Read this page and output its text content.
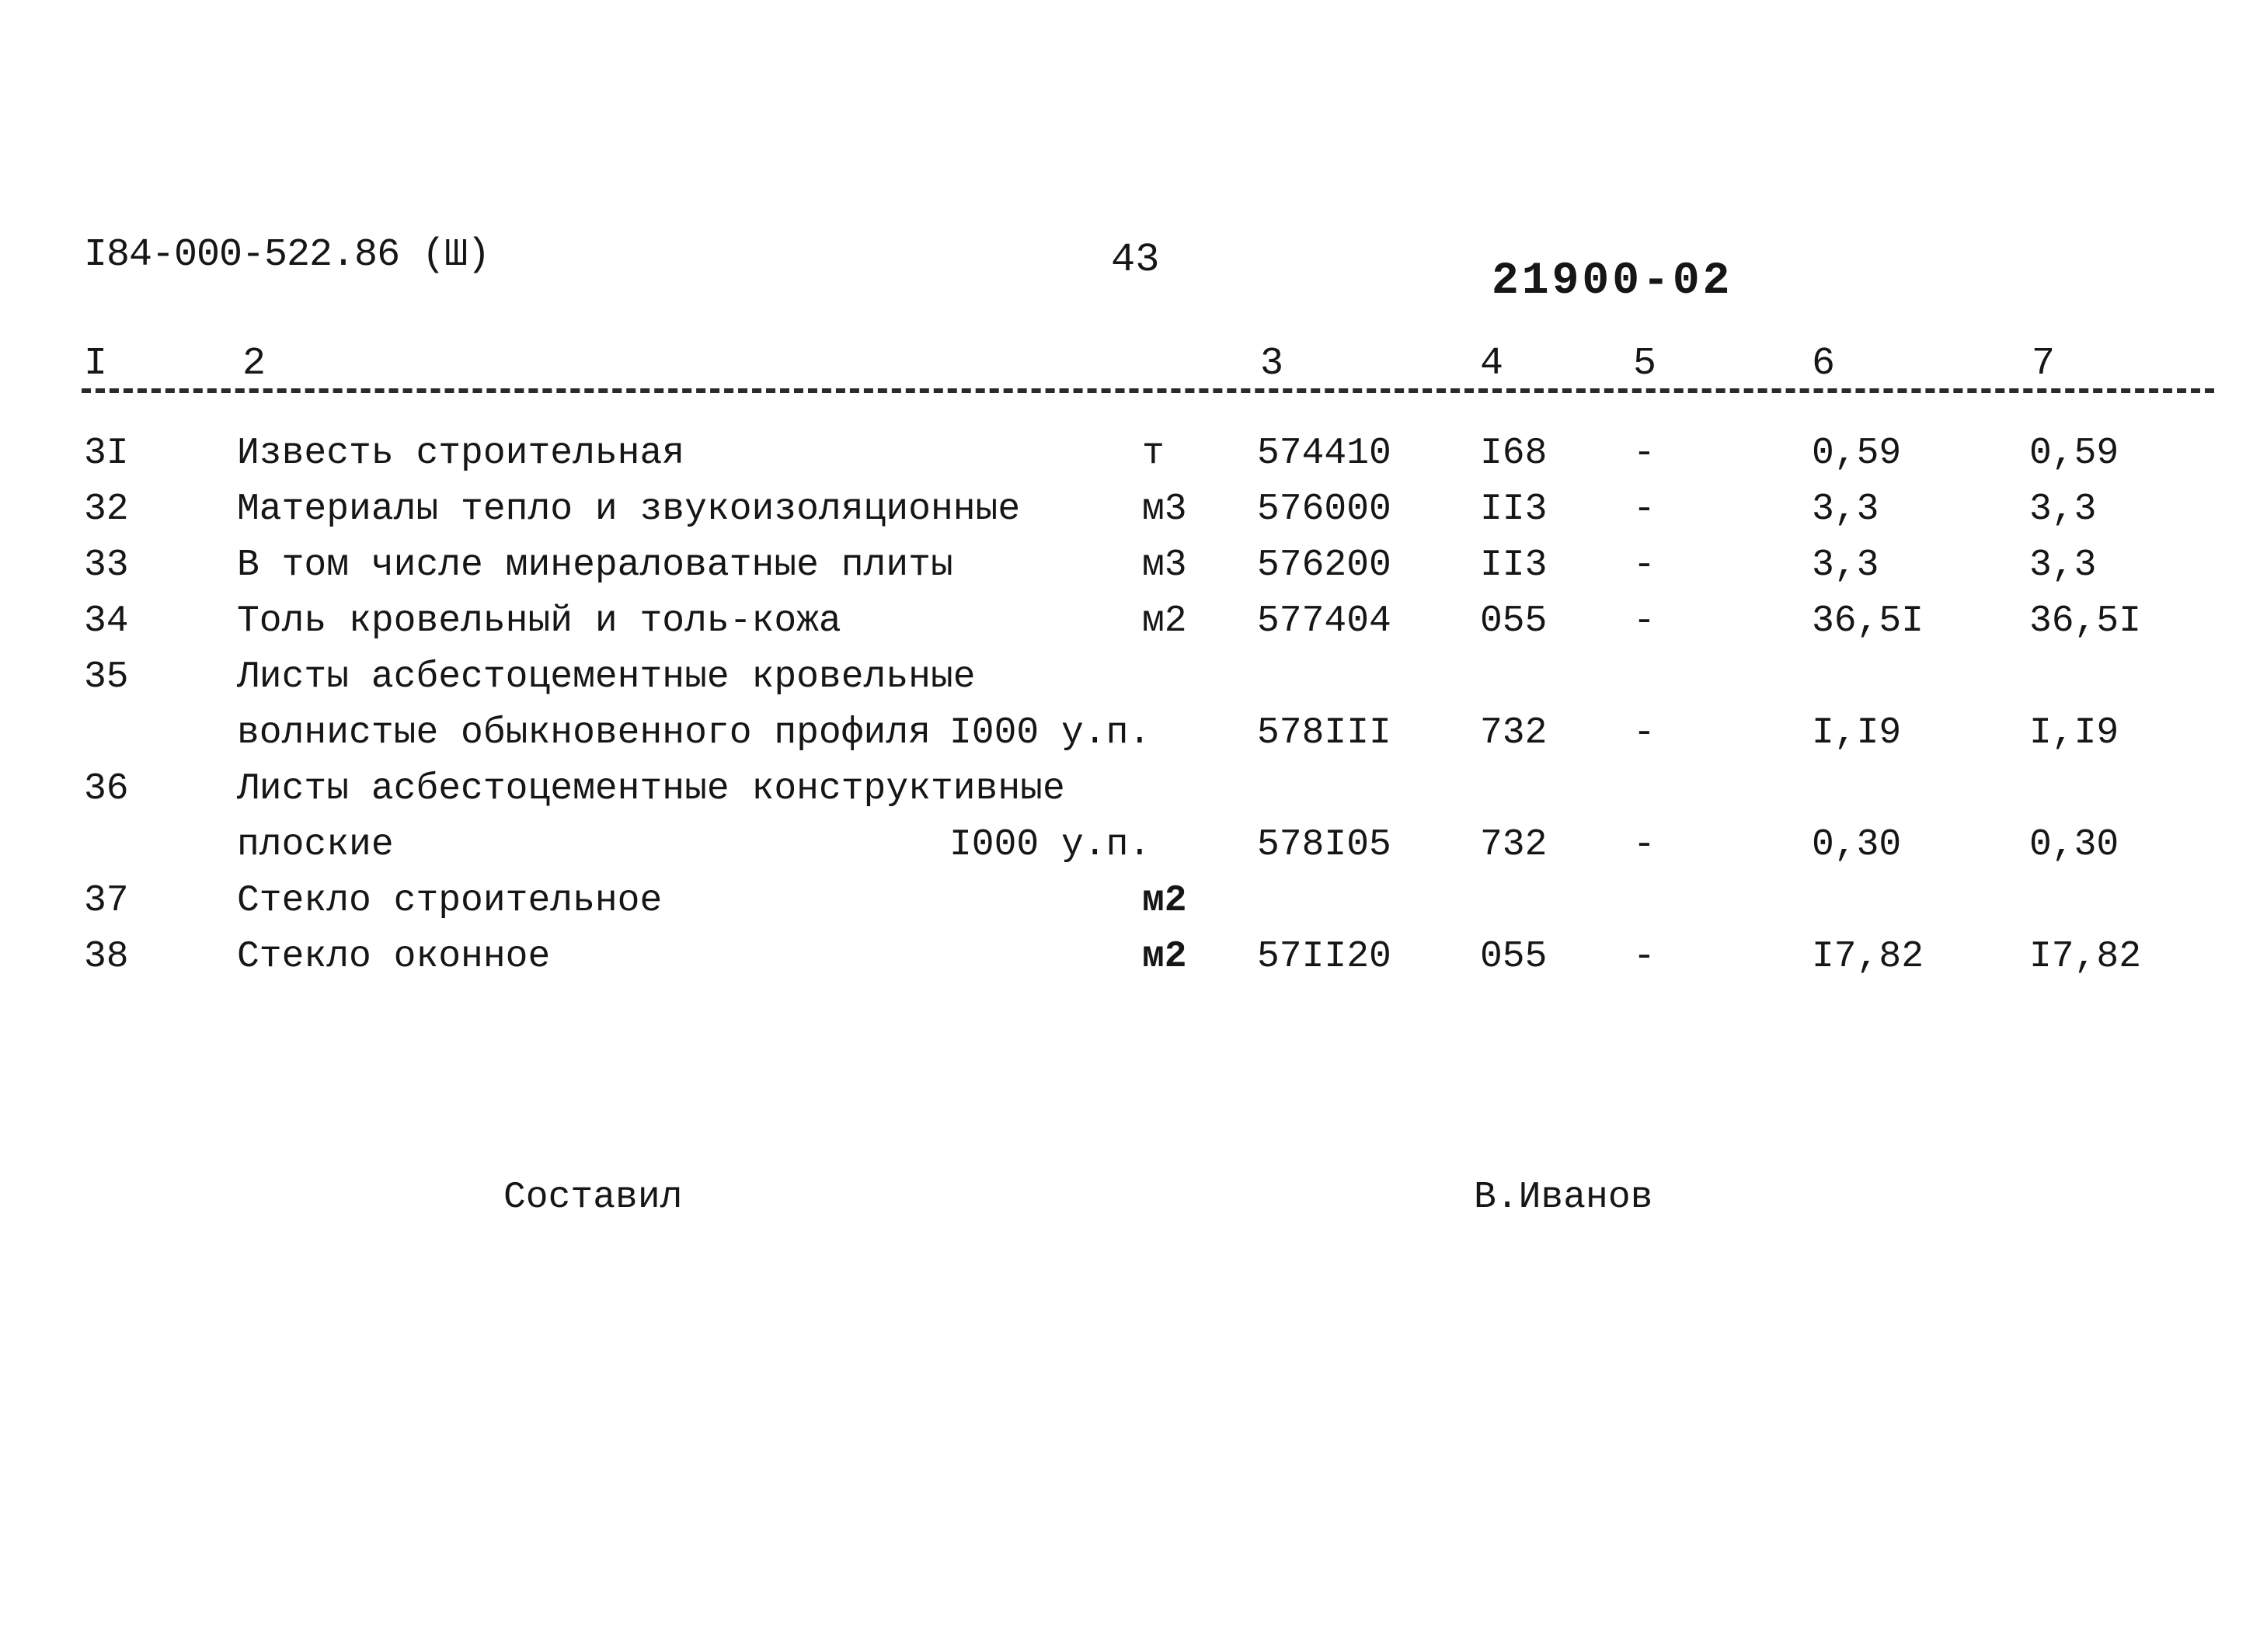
I84-000-522.86 (Ш)	43	21900-02
I	2	3	4	5	6	7
3I	Известь строительная	т 574410 I68 -	0,59	0,59
32	Материалы тепло и звукоизоляционные	м3 576000 II3 -	3,3	3,3
33	В том числе минераловатные плиты	м3 576200 II3 -	3,3	3,3
34	Толь кровельный и толь-кожа	м2 577404 055 -	36,5I	36,5I
35	Листы асбестоцементные кровельные
волнистые обыкновенного профиля I000 у.п.	578III 732 -	I,I9	I,I9
36	Листы асбестоцементные конструктивные
плоские	I000 у.п.	578I05 732 -	0,30	0,30
37	Стекло строительное	м2
38	Стекло оконное	м2 57II20 055 -	I7,82	I7,82
Составил	В.Иванов
